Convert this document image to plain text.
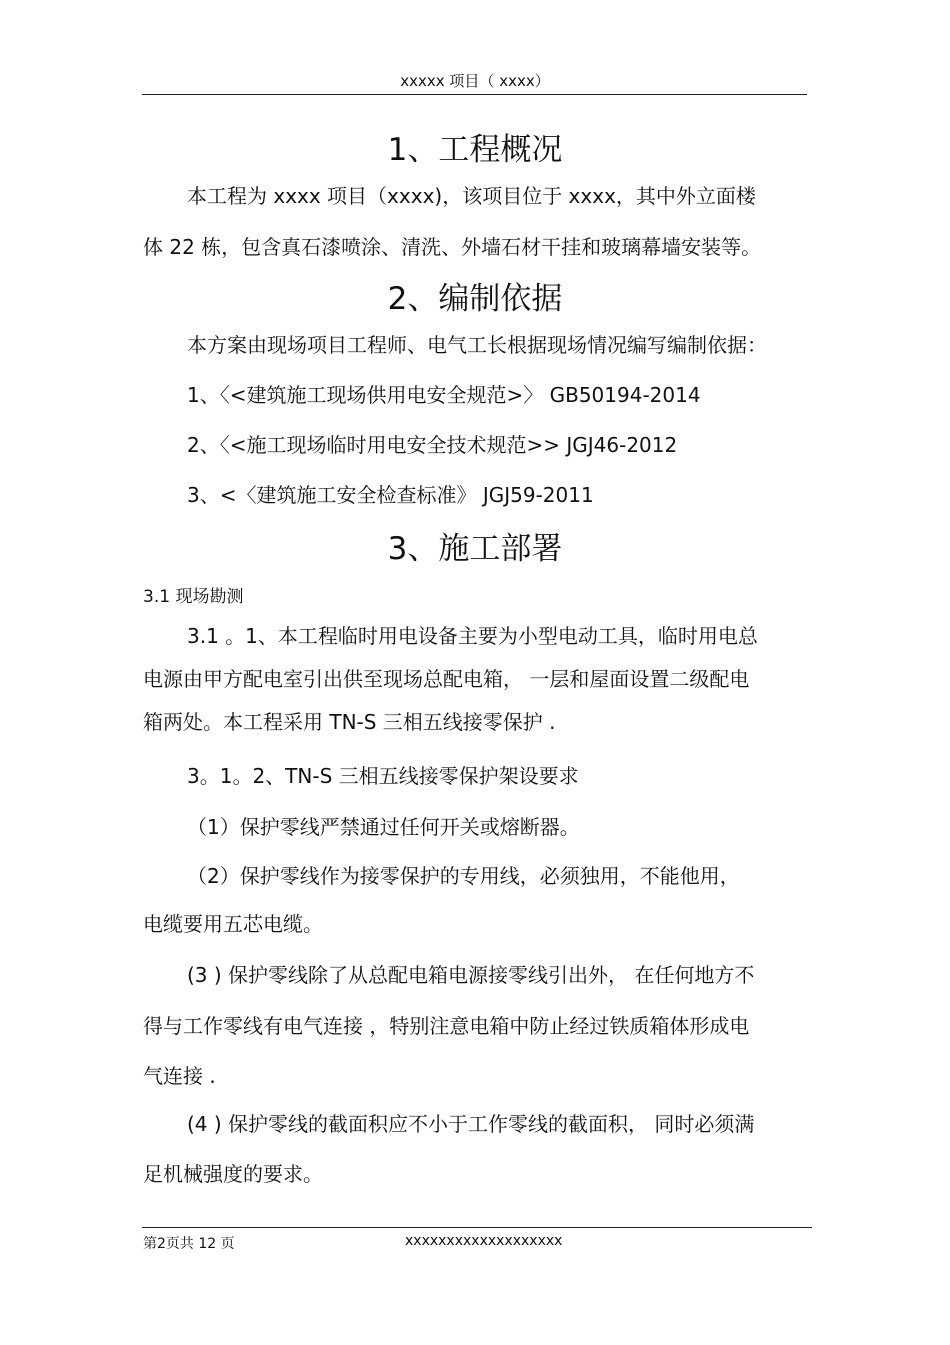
xxxxx 项目（ xxxx）
1、工程概况
本工程为 xxxx 项目（xxxx)，该项目位于 xxxx，其中外立面楼
体 22 栋，包含真石漆喷涂、清洗、外墙石材干挂和玻璃幕墙安装等。
2、编制依据
本方案由现场项目工程师、电气工长根据现场情况编写编制依据：
1、〈<建筑施工现场供用电安全规范>〉 GB50194-2014
2、〈<施工现场临时用电安全技术规范>> JGJ46-2012
3、<〈建筑施工安全检查标准》 JGJ59-2011
3、施工部署
3.1 现场勘测
3.1 。1、本工程临时用电设备主要为小型电动工具，临时用电总
电源由甲方配电室引出供至现场总配电箱， 一层和屋面设置二级配电
箱两处。本工程采用 TN-S 三相五线接零保护 .
3。1。2、TN-S 三相五线接零保护架设要求
（1）保护零线严禁通过任何开关或熔断器。
（2）保护零线作为接零保护的专用线，必须独用，不能他用，
电缆要用五芯电缆。
(3 ) 保护零线除了从总配电箱电源接零线引出外， 在任何地方不
得与工作零线有电气连接 ，特别注意电箱中防止经过铁质箱体形成电
气连接 .
(4 ) 保护零线的截面积应不小于工作零线的截面积， 同时必须满
足机械强度的要求。
第2页共 12 页	xxxxxxxxxxxxxxxxxxx
